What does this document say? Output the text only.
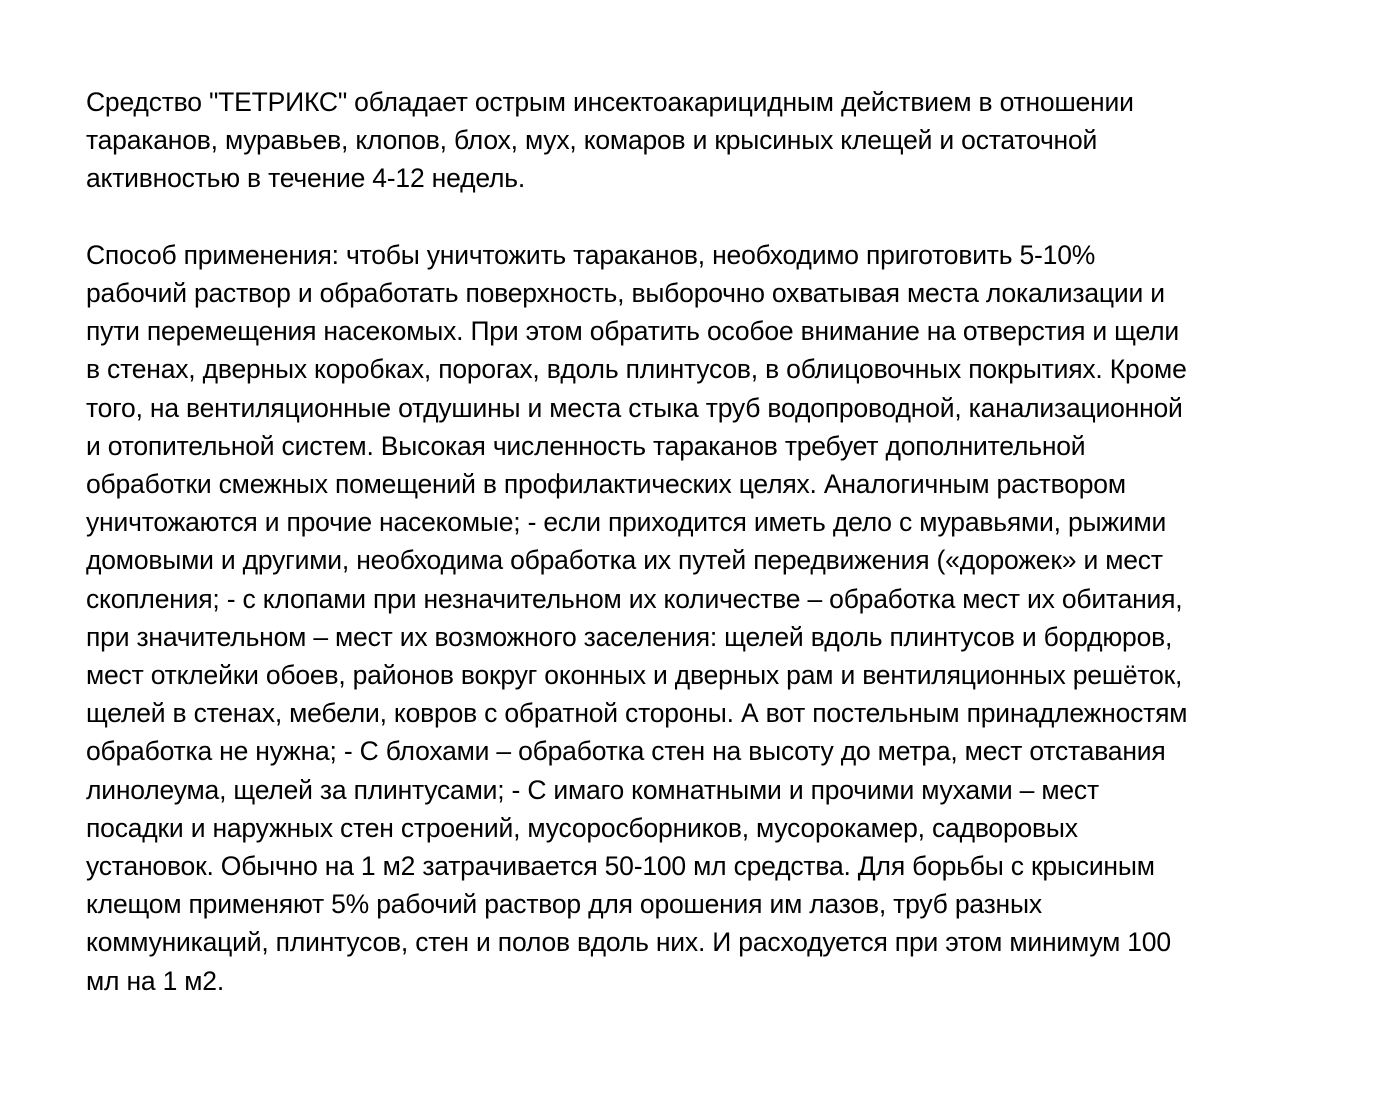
Средство "ТЕТРИКС" обладает острым инсектоакарицидным действием в отношении
тараканов, муравьев, клопов, блох, мух, комаров и крысиных клещей и остаточной
активностью в течение 4-12 недель.

Способ применения: чтобы уничтожить тараканов, необходимо приготовить 5-10%
рабочий раствор и обработать поверхность, выборочно охватывая места локализации и
пути перемещения насекомых. При этом обратить особое внимание на отверстия и щели
в стенах, дверных коробках, порогах, вдоль плинтусов, в облицовочных покрытиях. Кроме
того, на вентиляционные отдушины и места стыка труб водопроводной, канализационной
и отопительной систем. Высокая численность тараканов требует дополнительной
обработки смежных помещений в профилактических целях. Аналогичным раствором
уничтожаются и прочие насекомые; - если приходится иметь дело с муравьями, рыжими
домовыми и другими, необходима обработка их путей передвижения («дорожек» и мест
скопления; - с клопами при незначительном их количестве – обработка мест их обитания,
при значительном – мест их возможного заселения: щелей вдоль плинтусов и бордюров,
мест отклейки обоев, районов вокруг оконных и дверных рам и вентиляционных решёток,
щелей в стенах, мебели, ковров с обратной стороны. А вот постельным принадлежностям
обработка не нужна; - С блохами – обработка стен на высоту до метра, мест отставания
линолеума, щелей за плинтусами; - С имаго комнатными и прочими мухами – мест
посадки и наружных стен строений, мусоросборников, мусорокамер, садворовых
установок. Обычно на 1 м2 затрачивается 50-100 мл средства. Для борьбы с крысиным
клещом применяют 5% рабочий раствор для орошения им лазов, труб разных
коммуникаций, плинтусов, стен и полов вдоль них. И расходуется при этом минимум 100
мл на 1 м2.
